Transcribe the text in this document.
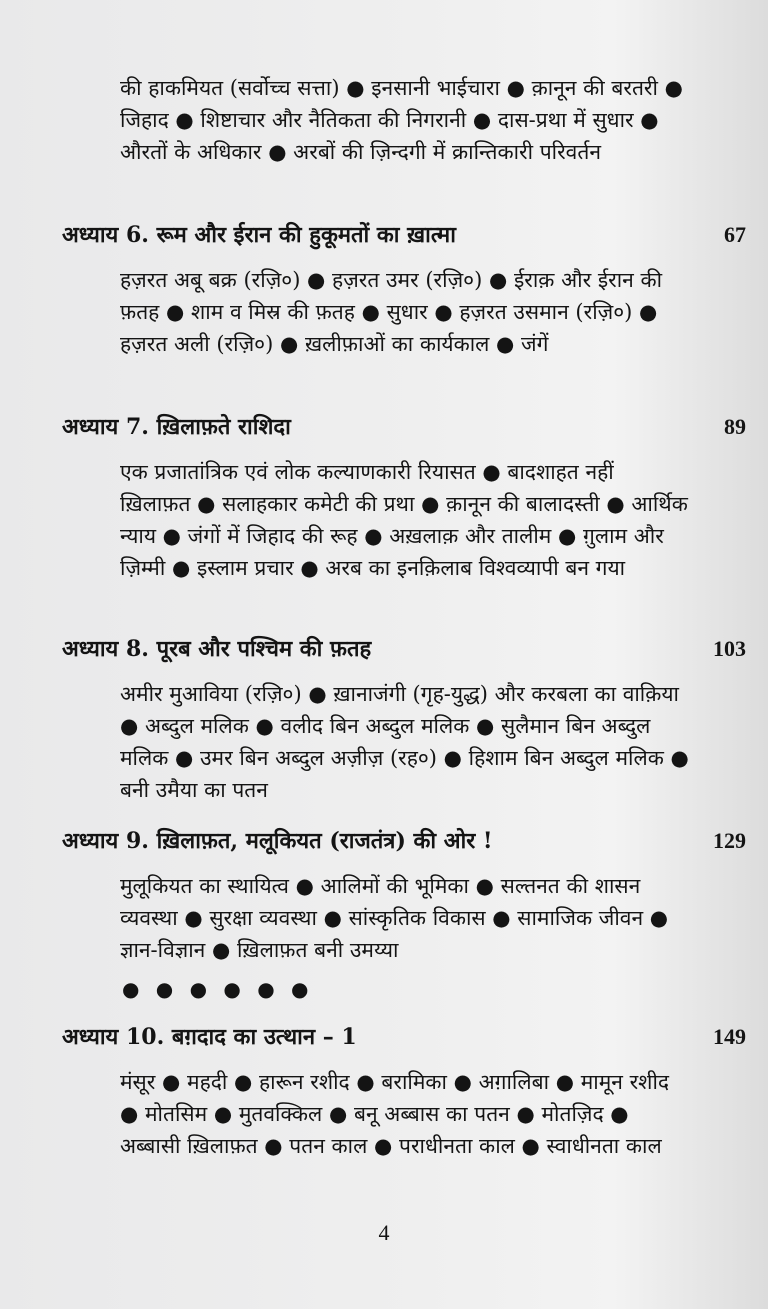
की हाकमियत (सर्वोच्च सत्ता) ● इनसानी भाईचारा ● क़ानून की बरतरी ● जिहाद ● शिष्टाचार और नैतिकता की निगरानी ● दास-प्रथा में सुधार ● औरतों के अधिकार ● अरबों की ज़िन्दगी में क्रान्तिकारी परिवर्तन

अध्याय 6. रूम और ईरान की हुकूमतों का ख़ात्मा	67

हज़रत अबू बक्र (रज़ि०) ● हज़रत उमर (रज़ि०) ● ईराक़ और ईरान की फ़तह ● शाम व मिस्र की फ़तह ● सुधार ● हज़रत उसमान (रज़ि०) ● हज़रत अली (रज़ि०) ● ख़लीफ़ाओं का कार्यकाल ● जंगें

अध्याय 7. ख़िलाफ़ते राशिदा	89

एक प्रजातांत्रिक एवं लोक कल्याणकारी रियासत ● बादशाहत नहीं ख़िलाफ़त ● सलाहकार कमेटी की प्रथा ● क़ानून की बालादस्ती ● आर्थिक न्याय ● जंगों में जिहाद की रूह ● अख़लाक़ और तालीम ● ग़ुलाम और ज़िम्मी ● इस्लाम प्रचार ● अरब का इनक़िलाब विश्वव्यापी बन गया

अध्याय 8. पूरब और पश्चिम की फ़तह	103

अमीर मुआविया (रज़ि०) ● ख़ानाजंगी (गृह-युद्ध) और करबला का वाक़िया ● अब्दुल मलिक ● वलीद बिन अब्दुल मलिक ● सुलैमान बिन अब्दुल मलिक ● उमर बिन अब्दुल अज़ीज़ (रह०) ● हिशाम बिन अब्दुल मलिक ● बनी उमैया का पतन

अध्याय 9. ख़िलाफ़त, मलूकियत (राजतंत्र) की ओर !	129

मुलूकियत का स्थायित्व ● आलिमों की भूमिका ● सल्तनत की शासन व्यवस्था ● सुरक्षा व्यवस्था ● सांस्कृतिक विकास ● सामाजिक जीवन ● ज्ञान-विज्ञान ● ख़िलाफ़त बनी उमय्या

● ● ● ● ● ●
अध्याय 10. बग़दाद का उत्थान – 1	149

मंसूर ● महदी ● हारून रशीद ● बरामिका ● अग़ालिबा ● मामून रशीद ● मोतसिम ● मुतवक्किल ● बनू अब्बास का पतन ● मोतज़िद ● अब्बासी ख़िलाफ़त ● पतन काल ● पराधीनता काल ● स्वाधीनता काल

4
